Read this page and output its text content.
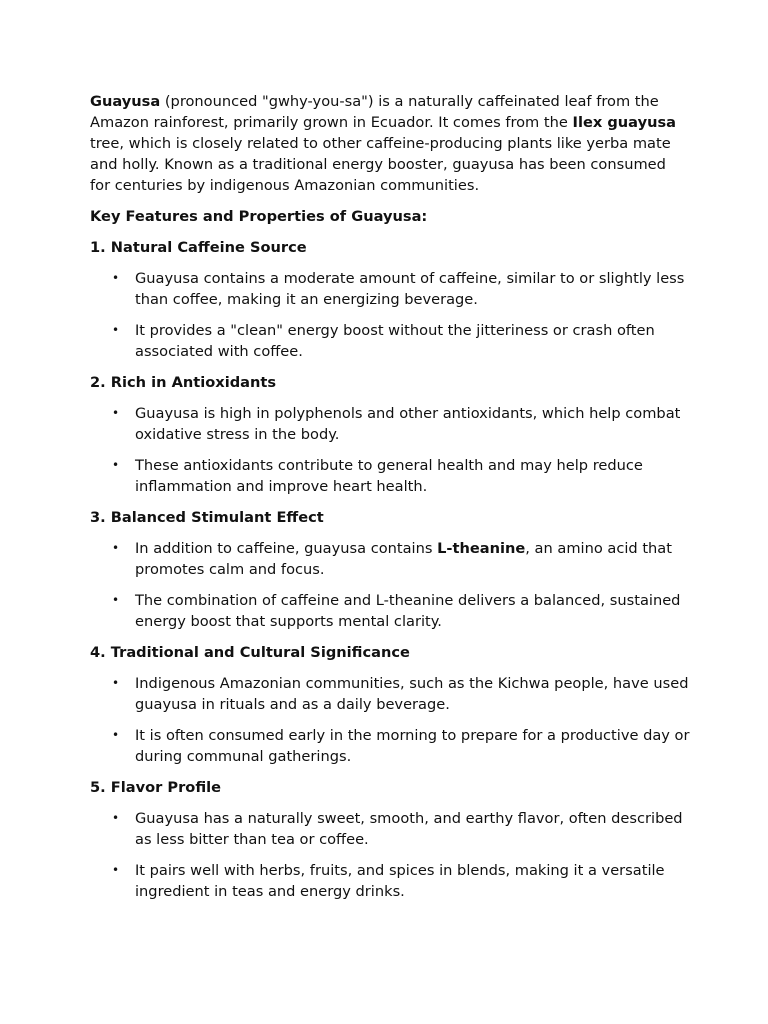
Guayusa (pronounced "gwhy-you-sa") is a naturally caffeinated leaf from the Amazon rainforest, primarily grown in Ecuador. It comes from the Ilex guayusa tree, which is closely related to other caffeine-producing plants like yerba mate and holly. Known as a traditional energy booster, guayusa has been consumed for centuries by indigenous Amazonian communities.

Key Features and Properties of Guayusa:

1. Natural Caffeine Source

• Guayusa contains a moderate amount of caffeine, similar to or slightly less than coffee, making it an energizing beverage.
• It provides a "clean" energy boost without the jitteriness or crash often associated with coffee.

2. Rich in Antioxidants

• Guayusa is high in polyphenols and other antioxidants, which help combat oxidative stress in the body.
• These antioxidants contribute to general health and may help reduce inflammation and improve heart health.

3. Balanced Stimulant Effect

• In addition to caffeine, guayusa contains L-theanine, an amino acid that promotes calm and focus.
• The combination of caffeine and L-theanine delivers a balanced, sustained energy boost that supports mental clarity.

4. Traditional and Cultural Significance

• Indigenous Amazonian communities, such as the Kichwa people, have used guayusa in rituals and as a daily beverage.
• It is often consumed early in the morning to prepare for a productive day or during communal gatherings.

5. Flavor Profile

• Guayusa has a naturally sweet, smooth, and earthy flavor, often described as less bitter than tea or coffee.
• It pairs well with herbs, fruits, and spices in blends, making it a versatile ingredient in teas and energy drinks.
